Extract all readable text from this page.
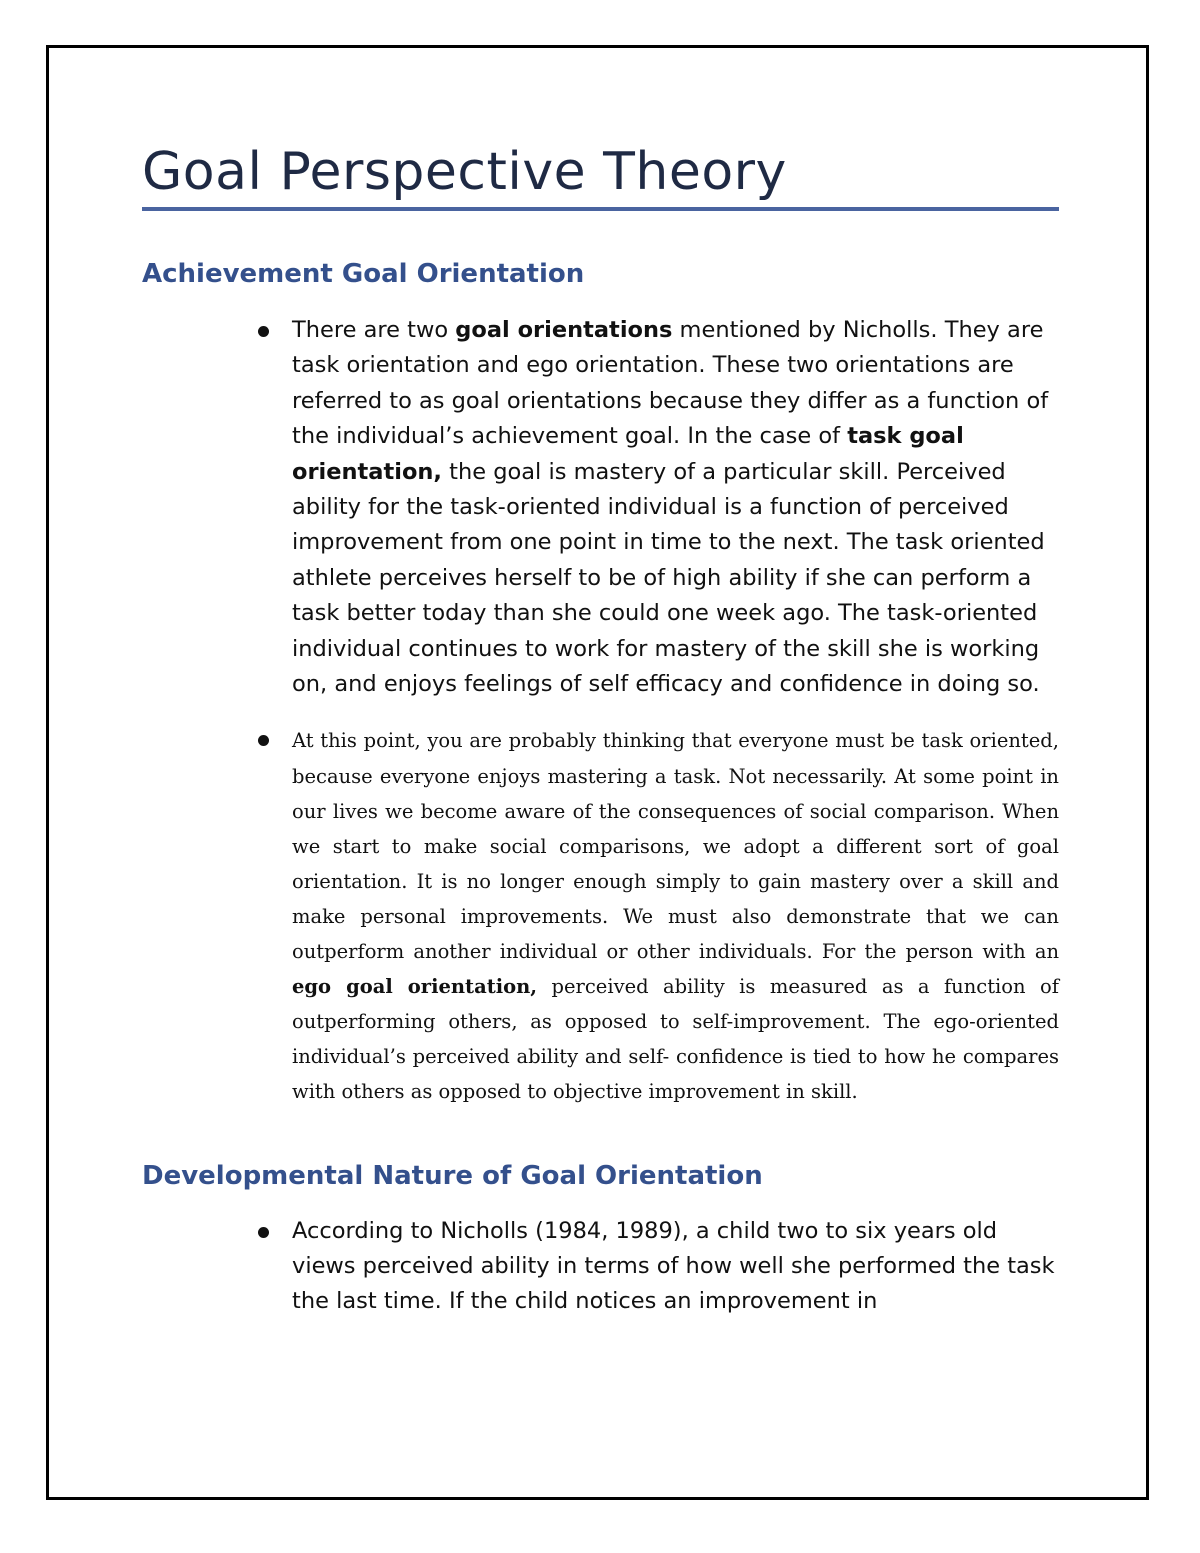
Goal Perspective Theory
Achievement Goal Orientation
There are two goal orientations mentioned by Nicholls. They are task orientation and ego orientation. These two orientations are referred to as goal orientations because they differ as a function of the individual’s achievement goal. In the case of task goal orientation, the goal is mastery of a particular skill. Perceived ability for the task-oriented individual is a function of perceived improvement from one point in time to the next. The task oriented athlete perceives herself to be of high ability if she can perform a task better today than she could one week ago. The task-oriented individual continues to work for mastery of the skill she is working on, and enjoys feelings of self efficacy and confidence in doing so.
At this point, you are probably thinking that everyone must be task oriented, because everyone enjoys mastering a task. Not necessarily. At some point in our lives we become aware of the consequences of social comparison. When we start to make social comparisons, we adopt a different sort of goal orientation. It is no longer enough simply to gain mastery over a skill and make personal improvements. We must also demonstrate that we can outperform another individual or other individuals. For the person with an ego goal orientation, perceived ability is measured as a function of outperforming others, as opposed to self-improvement. The ego-oriented individual’s perceived ability and self- confidence is tied to how he compares with others as opposed to objective improvement in skill.
Developmental Nature of Goal Orientation
According to Nicholls (1984, 1989), a child two to six years old views perceived ability in terms of how well she performed the task the last time. If the child notices an improvement in
